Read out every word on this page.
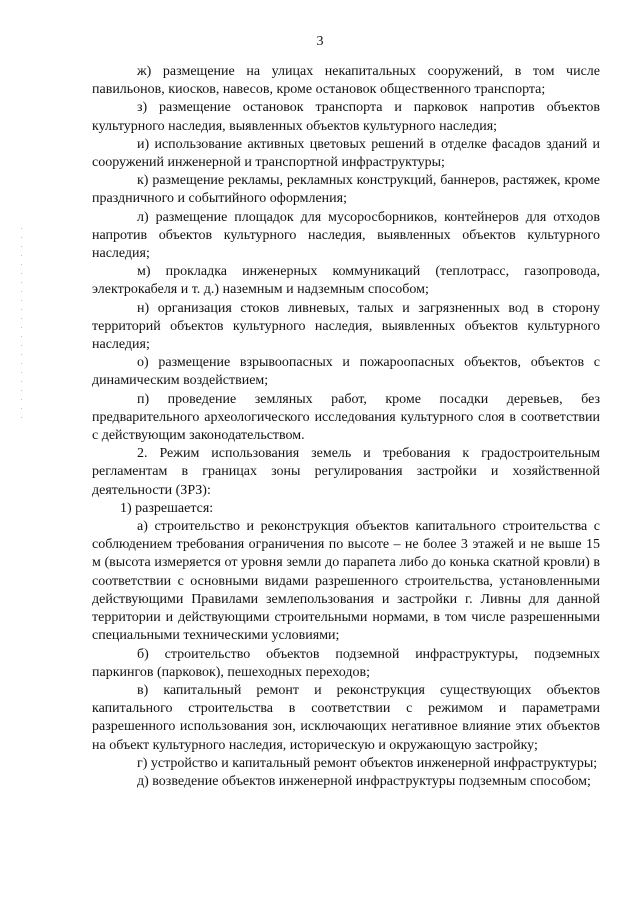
3

ж) размещение на улицах некапитальных сооружений, в том числе павильонов, киосков, навесов, кроме остановок общественного транспорта;

з) размещение остановок транспорта и парковок напротив объектов культурного наследия, выявленных объектов культурного наследия;

и) использование активных цветовых решений в отделке фасадов зданий и сооружений инженерной и транспортной инфраструктуры;

к) размещение рекламы, рекламных конструкций, баннеров, растяжек, кроме праздничного и событийного оформления;

л) размещение площадок для мусоросборников, контейнеров для отходов напротив объектов культурного наследия, выявленных объектов культурного наследия;

м) прокладка инженерных коммуникаций (теплотрасс, газопровода, электрокабеля и т. д.) наземным и надземным способом;

н) организация стоков ливневых, талых и загрязненных вод в сторону территорий объектов культурного наследия, выявленных объектов культурного наследия;

о) размещение взрывоопасных и пожароопасных объектов, объектов с динамическим воздействием;

п) проведение земляных работ, кроме посадки деревьев, без предварительного археологического исследования культурного слоя в соответствии с действующим законодательством.

2. Режим использования земель и требования к градостроительным регламентам в границах зоны регулирования застройки и хозяйственной деятельности (ЗРЗ):

1) разрешается:

а) строительство и реконструкция объектов капитального строительства с соблюдением требования ограничения по высоте – не более 3 этажей и не выше 15 м (высота измеряется от уровня земли до парапета либо до конька скатной кровли) в соответствии с основными видами разрешенного строительства, установленными действующими Правилами землепользования и застройки г. Ливны для данной территории и действующими строительными нормами, в том числе разрешенными специальными техническими условиями;

б) строительство объектов подземной инфраструктуры, подземных паркингов (парковок), пешеходных переходов;

в) капитальный ремонт и реконструкция существующих объектов капитального строительства в соответствии с режимом и параметрами разрешенного использования зон, исключающих негативное влияние этих объектов на объект культурного наследия, историческую и окружающую застройку;

г) устройство и капитальный ремонт объектов инженерной инфраструктуры;

д) возведение объектов инженерной инфраструктуры подземным способом;
